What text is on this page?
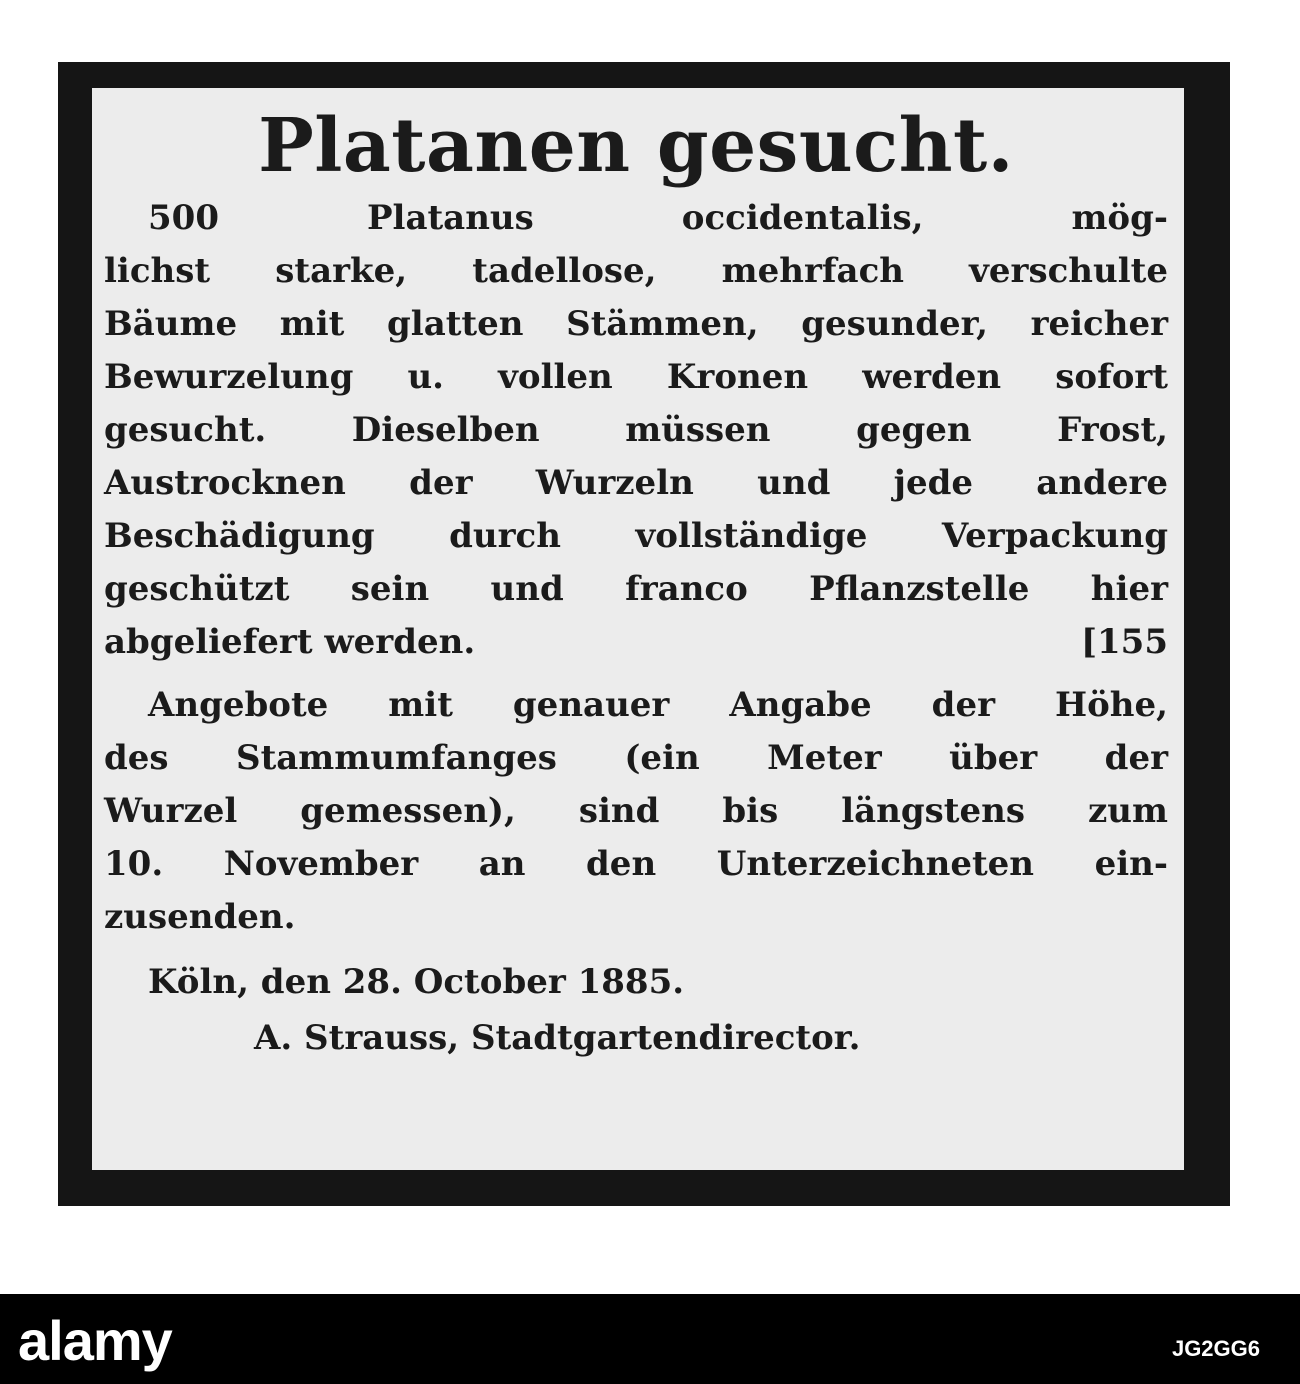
Platanen gesucht.
500 Platanus occidentalis, mög-
lichst starke, tadellose, mehrfach verschulte
Bäume mit glatten Stämmen, gesunder, reicher
Bewurzelung u. vollen Kronen werden sofort
gesucht. Dieselben müssen gegen Frost,
Austrocknen der Wurzeln und jede andere
Beschädigung durch vollständige Verpackung
geschützt sein und franco Pflanzstelle hier
abgeliefert werden.	[155
Angebote mit genauer Angabe der Höhe,
des Stammumfanges (ein Meter über der
Wurzel gemessen), sind bis längstens zum
10. November an den Unterzeichneten ein-
zusenden.
Köln, den 28. October 1885.
A. Strauss, Stadtgartendirector.
alamy	JG2GG6
